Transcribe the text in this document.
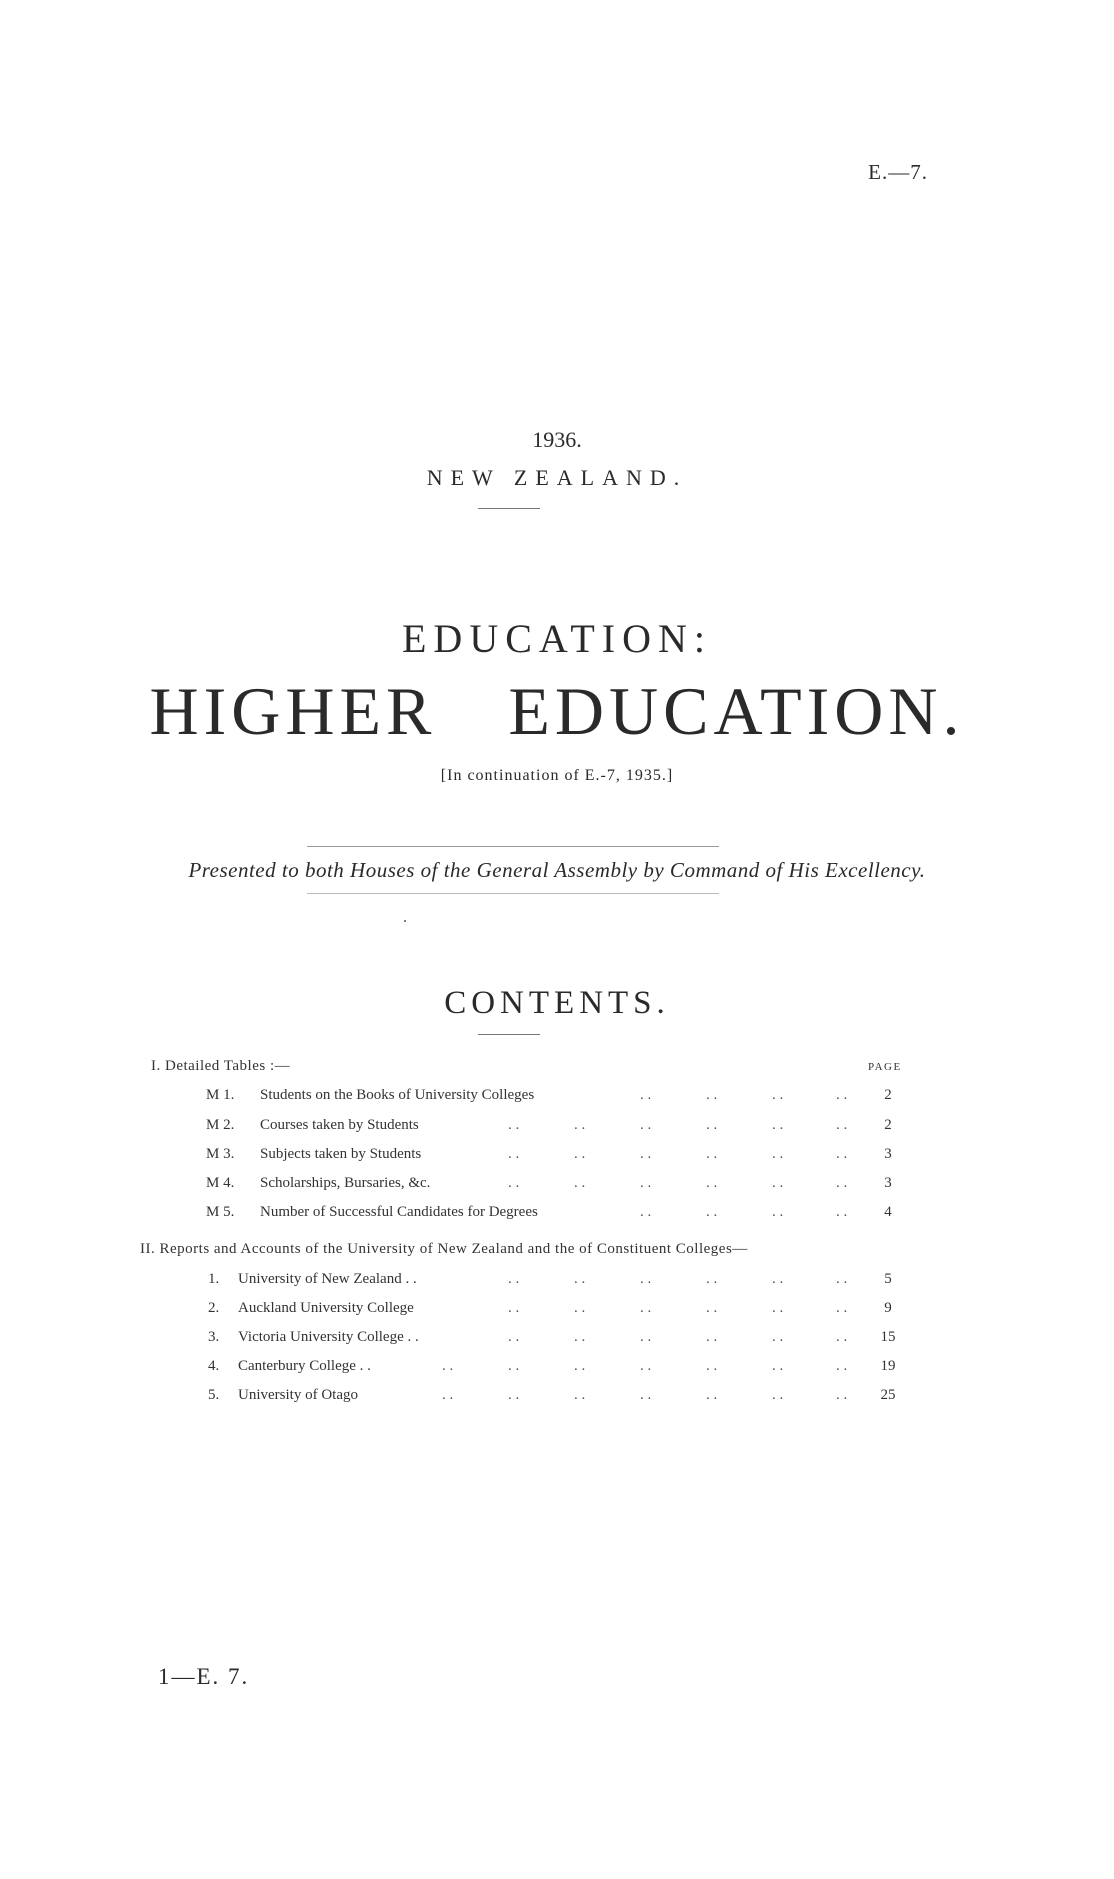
E.—7.
1936.
NEW ZEALAND.
EDUCATION:
HIGHER EDUCATION.
[In continuation of E.-7, 1935.]
Presented to both Houses of the General Assembly by Command of His Excellency.
CONTENTS.
I. Detailed Tables :—	PAGE
M 1. Students on the Books of University Colleges	. .	. .	. .	. .	2
M 2. Courses taken by Students	. .	. .	. .	. .	. .	. .	2
M 3. Subjects taken by Students	. .	. .	. .	. .	. .	. .	3
M 4. Scholarships, Bursaries, &c.	. .	. .	. .	. .	. .	. .	3
M 5. Number of Successful Candidates for Degrees	. .	. .	. .	. .	4
II. Reports and Accounts of the University of New Zealand and the of Constituent Colleges—
1. University of New Zealand . .	. .	. .	. .	. .	. .	. .	5
2. Auckland University College	. .	. .	. .	. .	. .	. .	9
3. Victoria University College . .	. .	. .	. .	. .	. .	. .	15
4. Canterbury College . .	. .	. .	. .	. .	. .	. .	. .	19
5. University of Otago	. .	. .	. .	. .	. .	. .	. .	25
1—E. 7.
